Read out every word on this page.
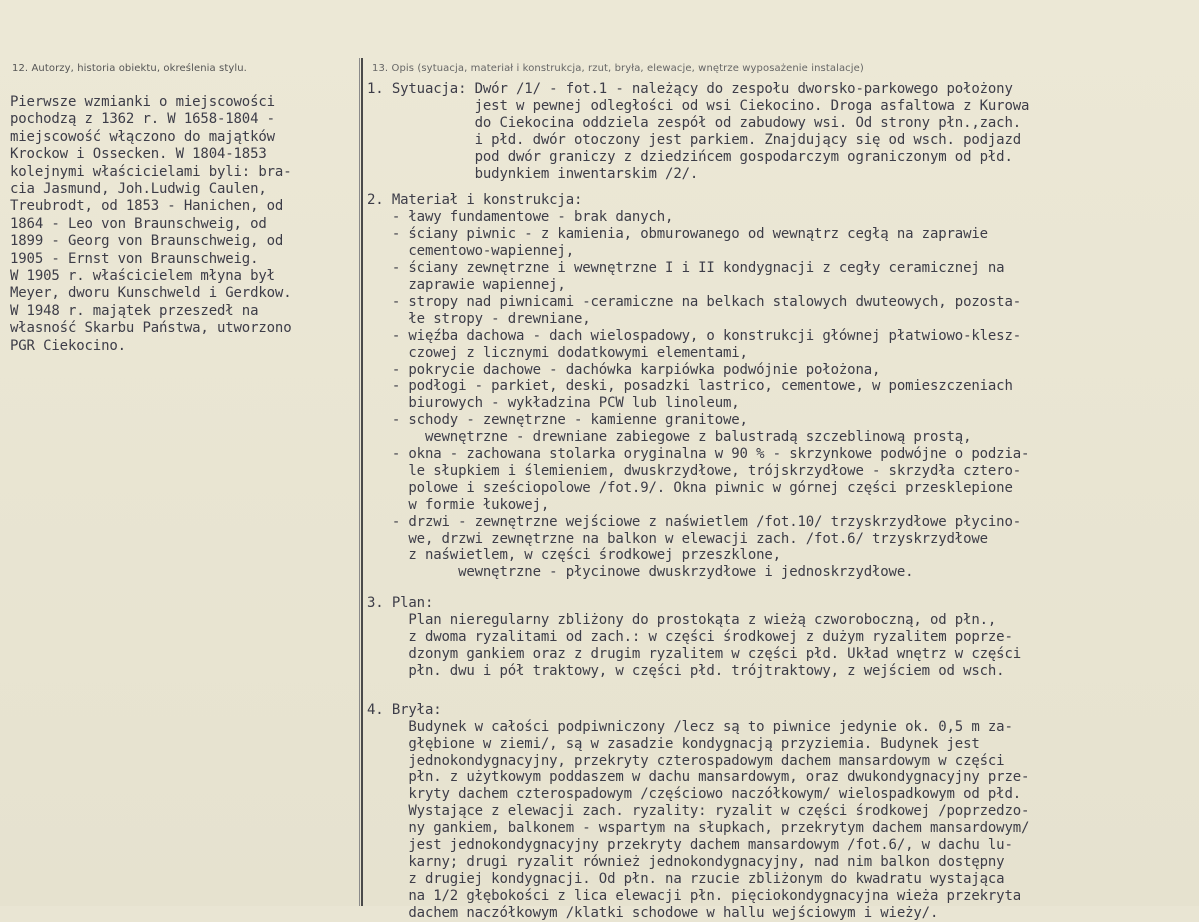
12. Autorzy, historia obiektu, określenia stylu.	13. Opis (sytuacja, materiał i konstrukcja, rzut, bryła, elewacje, wnętrze wyposażenie instalacje)
Pierwsze wzmianki o miejscowości
pochodzą z 1362 r. W 1658-1804 -
miejscowość włączono do majątków
Krockow i Ossecken. W 1804-1853
kolejnymi właścicielami byli: bra-
cia Jasmund, Joh.Ludwig Caulen,
Treubrodt, od 1853 - Hanichen, od
1864 - Leo von Braunschweig, od
1899 - Georg von Braunschweig, od
1905 - Ernst von Braunschweig.
W 1905 r. właścicielem młyna był
Meyer, dworu Kunschweld i Gerdkow.
W 1948 r. majątek przeszedł na
własność Skarbu Państwa, utworzono
PGR Ciekocino.
1. Sytuacja: Dwór /1/ - fot.1 - należący do zespołu dworsko-parkowego położony
jest w pewnej odległości od wsi Ciekocino. Droga asfaltowa z Kurowa
do Ciekocina oddziela zespół od zabudowy wsi. Od strony płn.,zach.
i płd. dwór otoczony jest parkiem. Znajdujący się od wsch. podjazd
pod dwór graniczy z dziedzińcem gospodarczym ograniczonym od płd.
budynkiem inwentarskim /2/.
2. Materiał i konstrukcja:
- ławy fundamentowe - brak danych,
- ściany piwnic - z kamienia, obmurowanego od wewnątrz cegłą na zaprawie
cementowo-wapiennej,
- ściany zewnętrzne i wewnętrzne I i II kondygnacji z cegły ceramicznej na
zaprawie wapiennej,
- stropy nad piwnicami -ceramiczne na belkach stalowych dwuteowych, pozosta-
łe stropy - drewniane,
- więźba dachowa - dach wielospadowy, o konstrukcji głównej płatwiowo-klesz-
czowej z licznymi dodatkowymi elementami,
- pokrycie dachowe - dachówka karpiówka podwójnie położona,
- podłogi - parkiet, deski, posadzki lastrico, cementowe, w pomieszczeniach
biurowych - wykładzina PCW lub linoleum,
- schody - zewnętrzne - kamienne granitowe,
wewnętrzne - drewniane zabiegowe z balustradą szczeblinową prostą,
- okna - zachowana stolarka oryginalna w 90 % - skrzynkowe podwójne o podzia-
le słupkiem i ślemieniem, dwuskrzydłowe, trójskrzydłowe - skrzydła cztero-
polowe i sześciopolowe /fot.9/. Okna piwnic w górnej części przesklepione
w formie łukowej,
- drzwi - zewnętrzne wejściowe z naświetlem /fot.10/ trzyskrzydłowe płycino-
we, drzwi zewnętrzne na balkon w elewacji zach. /fot.6/ trzyskrzydłowe
z naświetlem, w części środkowej przeszklone,
wewnętrzne - płycinowe dwuskrzydłowe i jednoskrzydłowe.
3. Plan:
Plan nieregularny zbliżony do prostokąta z wieżą czworoboczną, od płn.,
z dwoma ryzalitami od zach.: w części środkowej z dużym ryzalitem poprze-
dzonym gankiem oraz z drugim ryzalitem w części płd. Układ wnętrz w części
płn. dwu i pół traktowy, w części płd. trójtraktowy, z wejściem od wsch.
4. Bryła:
Budynek w całości podpiwniczony /lecz są to piwnice jedynie ok. 0,5 m za-
głębione w ziemi/, są w zasadzie kondygnacją przyziemia. Budynek jest
jednokondygnacyjny, przekryty czterospadowym dachem mansardowym w części
płn. z użytkowym poddaszem w dachu mansardowym, oraz dwukondygnacyjny prze-
kryty dachem czterospadowym /częściowo naczółkowym/ wielospadkowym od płd.
Wystające z elewacji zach. ryzality: ryzalit w części środkowej /poprzedzo-
ny gankiem, balkonem - wspartym na słupkach, przekrytym dachem mansardowym/
jest jednokondygnacyjny przekryty dachem mansardowym /fot.6/, w dachu lu-
karny; drugi ryzalit również jednokondygnacyjny, nad nim balkon dostępny
z drugiej kondygnacji. Od płn. na rzucie zbliżonym do kwadratu wystająca
na 1/2 głębokości z lica elewacji płn. pięciokondygnacyjna wieża przekryta
dachem naczółkowym /klatki schodowe w hallu wejściowym i wieży/.
